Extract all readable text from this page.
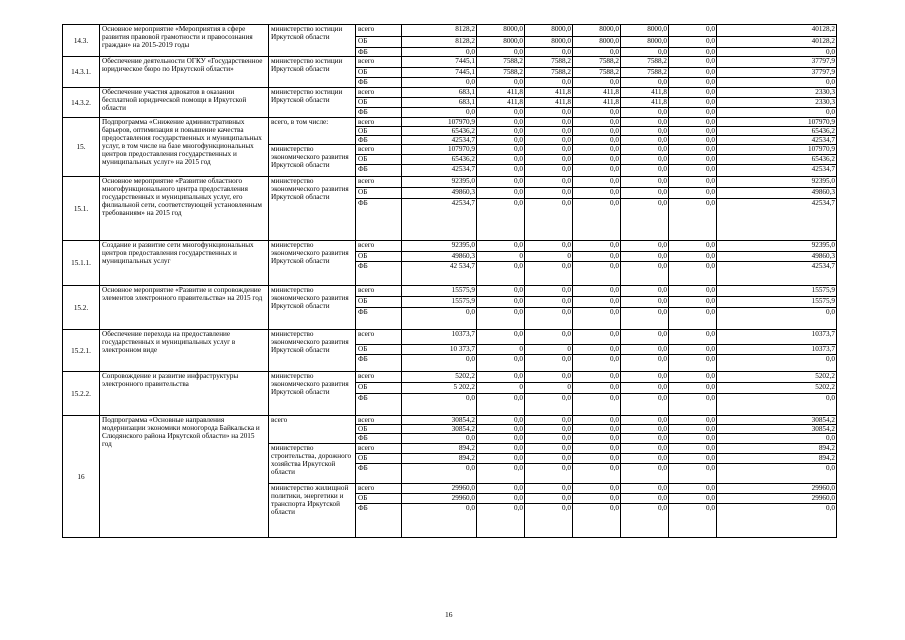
14.3.	Основное мероприятие «Мероприятия в сфере развития правовой грамотности и правосознания граждан» на 2015-2019 годы	министерство юстиции Иркутской области	всего	8128,2	8000,0	8000,0	8000,0	8000,0	0,0	40128,2
			ОБ	8128,2	8000,0	8000,0	8000,0	8000,0	0,0	40128,2
			ФБ	0,0	0,0	0,0	0,0	0,0	0,0	0,0
14.3.1.	Обеспечение деятельности ОГКУ «Государственное юридическое бюро по Иркутской области»	министерство юстиции Иркутской области	всего	7445,1	7588,2	7588,2	7588,2	7588,2	0,0	37797,9
			ОБ	7445,1	7588,2	7588,2	7588,2	7588,2	0,0	37797,9
			ФБ	0,0	0,0	0,0	0,0	0,0	0,0	0,0
14.3.2.	Обеспечение участия адвокатов в оказании бесплатной юридической помощи в Иркутской области	министерство юстиции Иркутской области	всего	683,1	411,8	411,8	411,8	411,8	0,0	2330,3
			ОБ	683,1	411,8	411,8	411,8	411,8	0,0	2330,3
			ФБ	0,0	0,0	0,0	0,0	0,0	0,0	0,0
15.	Подпрограмма «Снижение административных барьеров, оптимизация и повышение качества предоставления государственных и муниципальных услуг, в том числе на базе многофункциональных центров предоставления государственных и муниципальных услуг» на 2015 год	всего, в том числе:	всего	107970,9	0,0	0,0	0,0	0,0	0,0	107970,9
			ОБ	65436,2	0,0	0,0	0,0	0,0	0,0	65436,2
			ФБ	42534,7	0,0	0,0	0,0	0,0	0,0	42534,7
		министерство экономического развития Иркутской области	всего	107970,9	0,0	0,0	0,0	0,0	0,0	107970,9
			ОБ	65436,2	0,0	0,0	0,0	0,0	0,0	65436,2
			ФБ	42534,7	0,0	0,0	0,0	0,0	0,0	42534,7
15.1.	Основное мероприятие «Развитие областного многофункционального центра предоставления государственных и муниципальных услуг, его филиальной сети, соответствующей установленным требованиям» на 2015 год	министерство экономического развития Иркутской области	всего	92395,0	0,0	0,0	0,0	0,0	0,0	92395,0
			ОБ	49860,3	0,0	0,0	0,0	0,0	0,0	49860,3
			ФБ	42534,7	0,0	0,0	0,0	0,0	0,0	42534,7
15.1.1.	Создание и развитие сети многофункциональных центров предоставления государственных и муниципальных услуг	министерство экономического развития Иркутской области	всего	92395,0	0,0	0,0	0,0	0,0	0,0	92395,0
			ОБ	49860,3	0	0	0,0	0,0	0,0	49860,3
			ФБ	42 534,7	0,0	0,0	0,0	0,0	0,0	42534,7
15.2.	Основное мероприятие «Развитие и сопровождение элементов электронного правительства» на 2015 год	министерство экономического развития Иркутской области	всего	15575,9	0,0	0,0	0,0	0,0	0,0	15575,9
			ОБ	15575,9	0,0	0,0	0,0	0,0	0,0	15575,9
			ФБ	0,0	0,0	0,0	0,0	0,0	0,0	0,0
15.2.1.	Обеспечение перехода на предоставление государственных и муниципальных услуг в электронном виде	министерство экономического развития Иркутской области	всего	10373,7	0,0	0,0	0,0	0,0	0,0	10373,7
			ОБ	10 373,7	0	0	0,0	0,0	0,0	10373,7
			ФБ	0,0	0,0	0,0	0,0	0,0	0,0	0,0
15.2.2.	Сопровождение и развитие инфраструктуры электронного правительства	министерство экономического развития Иркутской области	всего	5202,2	0,0	0,0	0,0	0,0	0,0	5202,2
			ОБ	5 202,2	0	0	0,0	0,0	0,0	5202,2
			ФБ	0,0	0,0	0,0	0,0	0,0	0,0	0,0
16	Подпрограмма «Основные направления модернизации экономики моногорода Байкальска и Слюдянского района Иркутской области» на 2015 год	всего	всего	30854,2	0,0	0,0	0,0	0,0	0,0	30854,2
			ОБ	30854,2	0,0	0,0	0,0	0,0	0,0	30854,2
			ФБ	0,0	0,0	0,0	0,0	0,0	0,0	0,0
		министерство строительства, дорожного хозяйства Иркутской области	всего	894,2	0,0	0,0	0,0	0,0	0,0	894,2
			ОБ	894,2	0,0	0,0	0,0	0,0	0,0	894,2
			ФБ	0,0	0,0	0,0	0,0	0,0	0,0	0,0
		министерство жилищной политики, энергетики и транспорта Иркутской области	всего	29960,0	0,0	0,0	0,0	0,0	0,0	29960,0
			ОБ	29960,0	0,0	0,0	0,0	0,0	0,0	29960,0
			ФБ	0,0	0,0	0,0	0,0	0,0	0,0	0,0
16
